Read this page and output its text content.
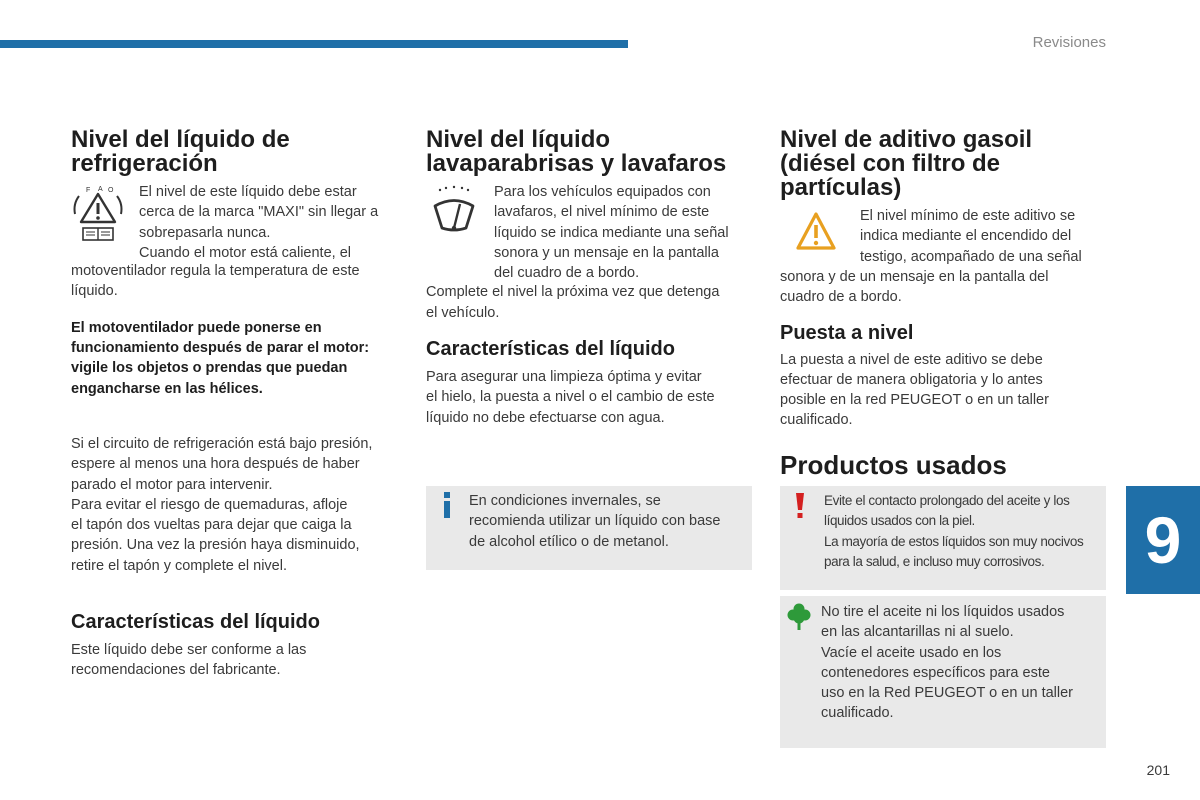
Revisiones
Nivel del líquido de
refrigeración
F A O El nivel de este líquido debe estar
cerca de la marca "MAXI" sin llegar a
sobrepasarla nunca.
Cuando el motor está caliente, el
motoventilador regula la temperatura de este
líquido.
El motoventilador puede ponerse en
funcionamiento después de parar el motor:
vigile los objetos o prendas que puedan
engancharse en las hélices.
Si el circuito de refrigeración está bajo presión,
espere al menos una hora después de haber
parado el motor para intervenir.
Para evitar el riesgo de quemaduras, afloje
el tapón dos vueltas para dejar que caiga la
presión. Una vez la presión haya disminuido,
retire el tapón y complete el nivel.
Características del líquido
Este líquido debe ser conforme a las
recomendaciones del fabricante.
Nivel del líquido
lavaparabrisas y lavafaros
Para los vehículos equipados con
lavafaros, el nivel mínimo de este
líquido se indica mediante una señal
sonora y un mensaje en la pantalla
del cuadro de a bordo.
Complete el nivel la próxima vez que detenga
el vehículo.
Características del líquido
Para asegurar una limpieza óptima y evitar
el hielo, la puesta a nivel o el cambio de este
líquido no debe efectuarse con agua.
En condiciones invernales, se
recomienda utilizar un líquido con base
de alcohol etílico o de metanol.
Nivel de aditivo gasoil
(diésel con filtro de
partículas)
El nivel mínimo de este aditivo se
indica mediante el encendido del
testigo, acompañado de una señal
sonora y de un mensaje en la pantalla del
cuadro de a bordo.
Puesta a nivel
La puesta a nivel de este aditivo se debe
efectuar de manera obligatoria y lo antes
posible en la red PEUGEOT o en un taller
cualificado.
Productos usados
Evite el contacto prolongado del aceite y los
líquidos usados con la piel.
La mayoría de estos líquidos son muy nocivos
para la salud, e incluso muy corrosivos.
No tire el aceite ni los líquidos usados
en las alcantarillas ni al suelo.
Vacíe el aceite usado en los
contenedores específicos para este
uso en la Red PEUGEOT o en un taller
cualificado.
9
201
